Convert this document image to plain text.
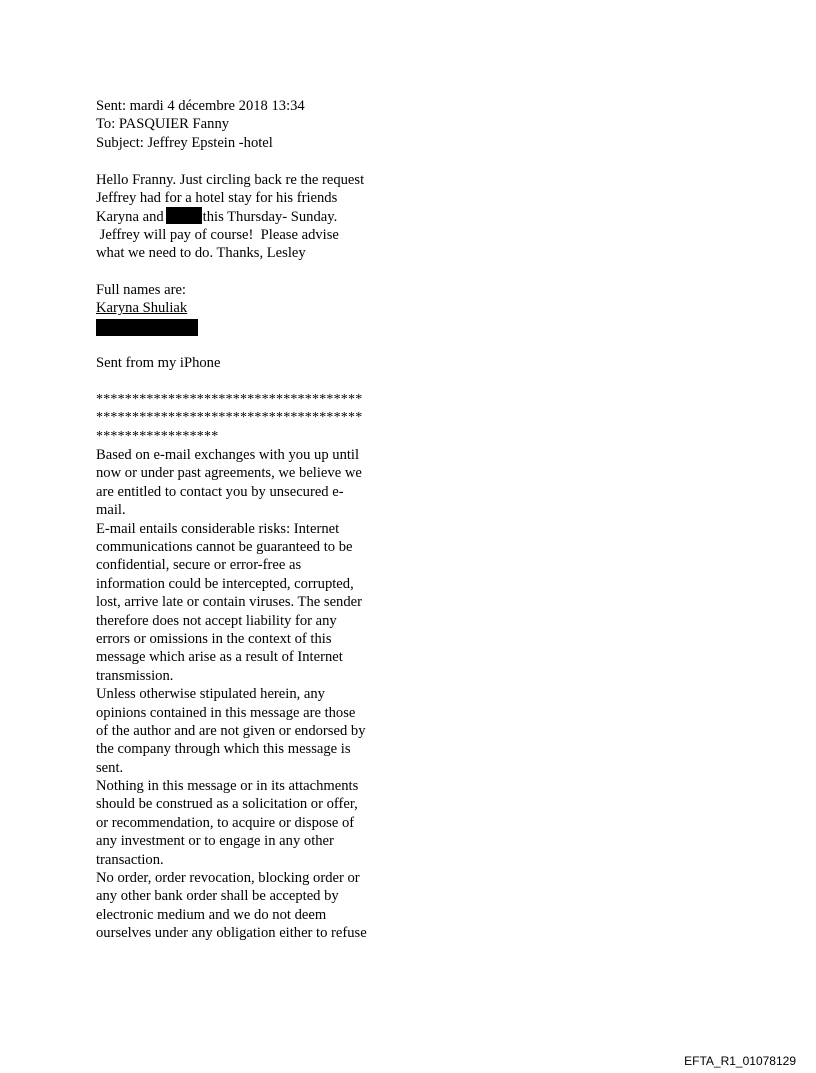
Sent: mardi 4 décembre 2018 13:34
To: PASQUIER Fanny
Subject: Jeffrey Epstein -hotel
Hello Franny. Just circling back re the request
Jeffrey had for a hotel stay for his friends
Karyna and	this Thursday- Sunday.
Jeffrey will pay of course!  Please advise
what we need to do. Thanks, Lesley
Full names are:
Karyna Shuliak
Sent from my iPhone
*************************************
*************************************
*****************
Based on e-mail exchanges with you up until
now or under past agreements, we believe we
are entitled to contact you by unsecured e-
mail.
E-mail entails considerable risks: Internet
communications cannot be guaranteed to be
confidential, secure or error-free as
information could be intercepted, corrupted,
lost, arrive late or contain viruses. The sender
therefore does not accept liability for any
errors or omissions in the context of this
message which arise as a result of Internet
transmission.
Unless otherwise stipulated herein, any
opinions contained in this message are those
of the author and are not given or endorsed by
the company through which this message is
sent.
Nothing in this message or in its attachments
should be construed as a solicitation or offer,
or recommendation, to acquire or dispose of
any investment or to engage in any other
transaction.
No order, order revocation, blocking order or
any other bank order shall be accepted by
electronic medium and we do not deem
ourselves under any obligation either to refuse
EFTA_R1_01078129
